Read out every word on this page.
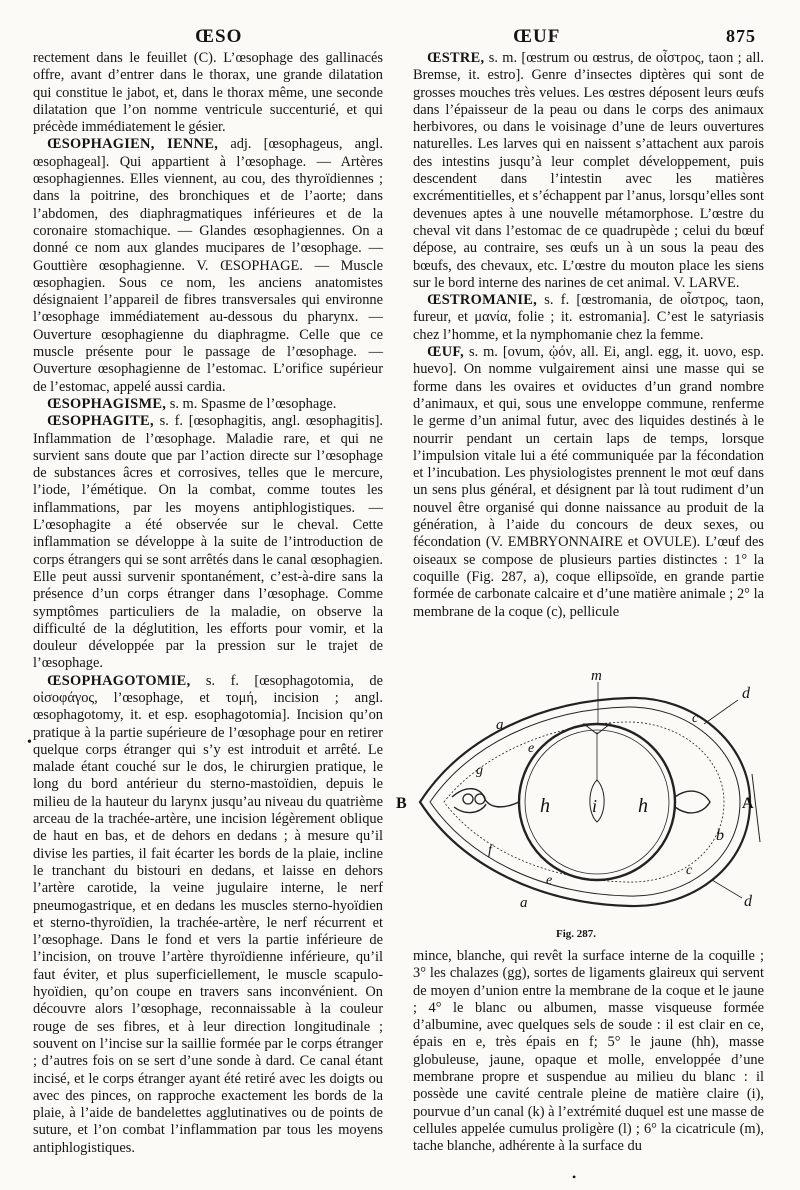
ŒSO	ŒUF	875

rectement dans le feuillet (C). L’œsophage des gallinacés offre, avant d’entrer dans le thorax, une grande dilatation qui constitue le jabot, et, dans le thorax même, une seconde dilatation que l’on nomme ventricule succenturié, et qui précède immédiatement le gésier.

ŒSOPHAGIEN, IENNE, adj. [œsophageus, angl. œsophageal]. Qui appartient à l’œsophage. — Artères œsophagiennes. Elles viennent, au cou, des thyroïdiennes ; dans la poitrine, des bronchiques et de l’aorte; dans l’abdomen, des diaphragmatiques inférieures et de la coronaire stomachique. — Glandes œsophagiennes. On a donné ce nom aux glandes mucipares de l’œsophage. — Gouttière œsophagienne. V. ŒSOPHAGE. — Muscle œsophagien. Sous ce nom, les anciens anatomistes désignaient l’appareil de fibres transversales qui environne l’œsophage immédiatement au-dessous du pharynx. — Ouverture œsophagienne du diaphragme. Celle que ce muscle présente pour le passage de l’œsophage. — Ouverture œsophagienne de l’estomac. L’orifice supérieur de l’estomac, appelé aussi cardia.

ŒSOPHAGISME, s. m. Spasme de l’œsophage.

ŒSOPHAGITE, s. f. [œsophagitis, angl. œsophagitis]. Inflammation de l’œsophage. Maladie rare, et qui ne survient sans doute que par l’action directe sur l’œsophage de substances âcres et corrosives, telles que le mercure, l’iode, l’émétique. On la combat, comme toutes les inflammations, par les moyens antiphlogistiques. — L’œsophagite a été observée sur le cheval. Cette inflammation se développe à la suite de l’introduction de corps étrangers qui se sont arrêtés dans le canal œsophagien. Elle peut aussi survenir spontanément, c’est-à-dire sans la présence d’un corps étranger dans l’œsophage. Comme symptômes particuliers de la maladie, on observe la difficulté de la déglutition, les efforts pour vomir, et la douleur développée par la pression sur le trajet de l’œsophage.

ŒSOPHAGOTOMIE, s. f. [œsophagotomia, de οἰσοφάγος, l’œsophage, et τομή, incision ; angl. œsophagotomy, it. et esp. esophagotomia]. Incision qu’on pratique à la partie supérieure de l’œsophage pour en retirer quelque corps étranger qui s’y est introduit et arrêté. Le malade étant couché sur le dos, le chirurgien pratique, le long du bord antérieur du sterno-mastoïdien, depuis le milieu de la hauteur du larynx jusqu’au niveau du quatrième arceau de la trachée-artère, une incision légèrement oblique de haut en bas, et de dehors en dedans ; à mesure qu’il divise les parties, il fait écarter les bords de la plaie, incline le tranchant du bistouri en dedans, et laisse en dehors l’artère carotide, la veine jugulaire interne, le nerf pneumogastrique, et en dedans les muscles sterno-hyoïdien et sterno-thyroïdien, la trachée-artère, le nerf récurrent et l’œsophage. Dans le fond et vers la partie inférieure de l’incision, on trouve l’artère thyroïdienne inférieure, qu’il faut éviter, et plus superficiellement, le muscle scapulo-hyoïdien, qu’on coupe en travers sans inconvénient. On découvre alors l’œsophage, reconnaissable à la couleur rouge de ses fibres, et à leur direction longitudinale ; souvent on l’incise sur la saillie formée par le corps étranger ; d’autres fois on se sert d’une sonde à dard. Ce canal étant incisé, et le corps étranger ayant été retiré avec les doigts ou avec des pinces, on rapproche exactement les bords de la plaie, à l’aide de bandelettes agglutinatives ou de points de suture, et l’on combat l’inflammation par tous les moyens antiphlogistiques.

ŒSTRE, s. m. [œstrum ou œstrus, de οἶστρος, taon ; all. Bremse, it. estro]. Genre d’insectes diptères qui sont de grosses mouches très velues. Les œstres déposent leurs œufs dans l’épaisseur de la peau ou dans le corps des animaux herbivores, ou dans le voisinage d’une de leurs ouvertures naturelles. Les larves qui en naissent s’attachent aux parois des intestins jusqu’à leur complet développement, puis descendent dans l’intestin avec les matières excrémentitielles, et s’échappent par l’anus, lorsqu’elles sont devenues aptes à une nouvelle métamorphose. L’œstre du cheval vit dans l’estomac de ce quadrupède ; celui du bœuf dépose, au contraire, ses œufs un à un sous la peau des bœufs, des chevaux, etc. L’œstre du mouton place les siens sur le bord interne des narines de cet animal. V. LARVE.

ŒSTROMANIE, s. f. [œstromania, de οἶστρος, taon, fureur, et μανία, folie ; it. estromania]. C’est le satyriasis chez l’homme, et la nymphomanie chez la femme.

ŒUF, s. m. [ovum, ᾠόν, all. Ei, angl. egg, it. uovo, esp. huevo]. On nomme vulgairement ainsi une masse qui se forme dans les ovaires et oviductes d’un grand nombre d’animaux, et qui, sous une enveloppe commune, renferme le germe d’un animal futur, avec des liquides destinés à le nourrir pendant un certain laps de temps, lorsque l’impulsion vitale lui a été communiquée par la fécondation et l’incubation. Les physiologistes prennent le mot œuf dans un sens plus général, et désignent par là tout rudiment d’un nouvel être organisé qui donne naissance au produit de la génération, à l’aide du concours de deux sexes, ou fécondation (V. EMBRYONNAIRE et OVULE). L’œuf des oiseaux se compose de plusieurs parties distinctes : 1° la coquille (Fig. 287, a), coque ellipsoïde, en grande partie formée de carbonate calcaire et d’une matière animale ; 2° la membrane de la coque (c), pellicule

m
d
d
a
a
e
e
c
c
h	h
i
f
g
b
B	A
Fig. 287.

mince, blanche, qui revêt la surface interne de la coquille ; 3° les chalazes (gg), sortes de ligaments glaireux qui servent de moyen d’union entre la membrane de la coque et le jaune ; 4° le blanc ou albumen, masse visqueuse formée d’albumine, avec quelques sels de soude : il est clair en ce, épais en e, très épais en f; 5° le jaune (hh), masse globuleuse, jaune, opaque et molle, enveloppée d’une membrane propre et suspendue au milieu du blanc : il possède une cavité centrale pleine de matière claire (i), pourvue d’un canal (k) à l’extrémité duquel est une masse de cellules appelée cumulus proligère (l) ; 6° la cicatricule (m), tache blanche, adhérente à la surface du

•
•
